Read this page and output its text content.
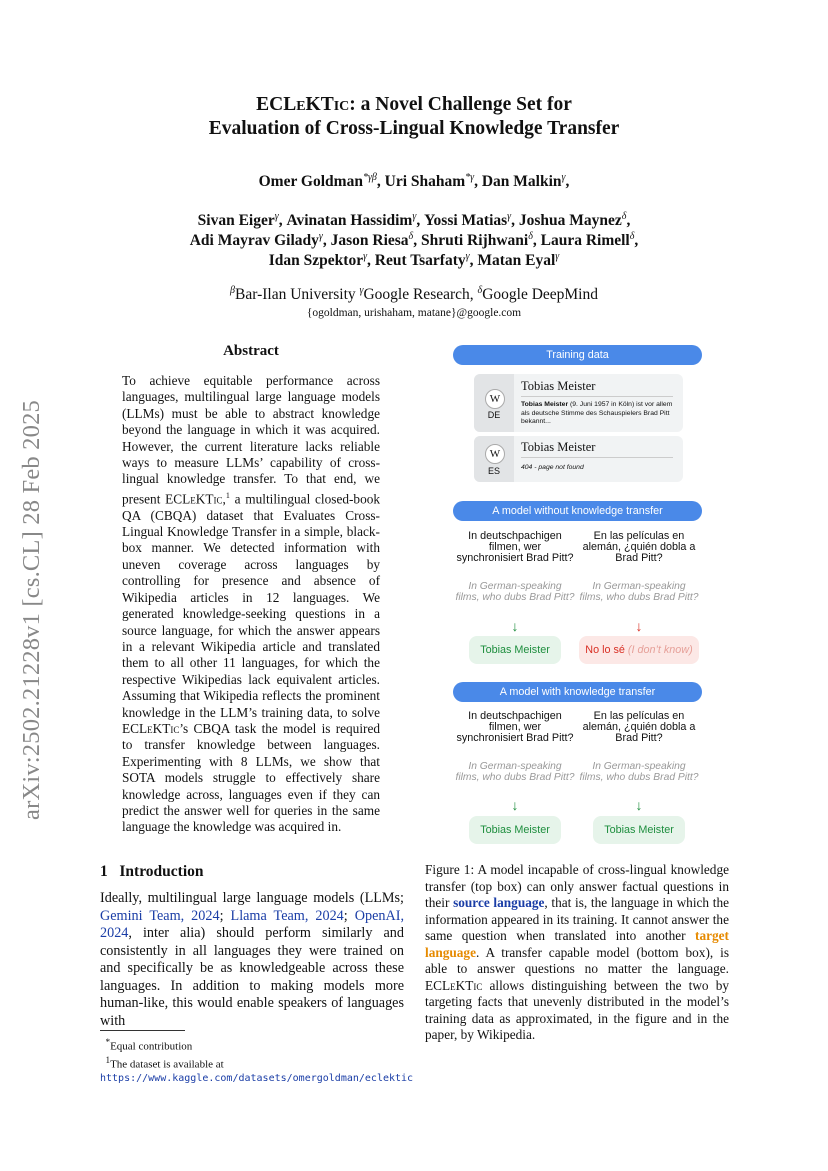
arXiv:2502.21228v1 [cs.CL] 28 Feb 2025
ECLeKTic: a Novel Challenge Set for
Evaluation of Cross-Lingual Knowledge Transfer
Omer Goldman$^{*\gamma\beta}$, Uri Shaham$^{*\gamma}$, Dan Malkin$^\gamma$,
Sivan Eiger$^\gamma$, Avinatan Hassidim$^\gamma$, Yossi Matias$^\gamma$, Joshua Maynez$^\delta$,
Adi Mayrav Gilady$^\gamma$, Jason Riesa$^\delta$, Shruti Rijhwani$^\delta$, Laura Rimell$^\delta$,
Idan Szpektor$^\gamma$, Reut Tsarfaty$^\gamma$, Matan Eyal$^\gamma$
$^\beta$Bar-Ilan University $^\gamma$Google Research, $^\delta$Google DeepMind
{ogoldman, urishaham, matane}@google.com
Abstract
To achieve equitable performance across languages, multilingual large language models (LLMs) must be able to abstract knowledge beyond the language in which it was acquired. However, the current literature lacks reliable ways to measure LLMs’ capability of cross-lingual knowledge transfer. To that end, we present ECLeKTic,$^1$ a multilingual closed-book QA (CBQA) dataset that Evaluates Cross-Lingual Knowledge Transfer in a simple, black-box manner. We detected information with uneven coverage across languages by controlling for presence and absence of Wikipedia articles in 12 languages. We generated knowledge-seeking questions in a source language, for which the answer appears in a relevant Wikipedia article and translated them to all other 11 languages, for which the respective Wikipedias lack equivalent articles. Assuming that Wikipedia reflects the prominent knowledge in the LLM’s training data, to solve ECLeKTic’s CBQA task the model is required to transfer knowledge between languages. Experimenting with 8 LLMs, we show that SOTA models struggle to effectively share knowledge across, languages even if they can predict the answer well for queries in the same language the knowledge was acquired in.
1 Introduction
Ideally, multilingual large language models (LLMs; Gemini Team, 2024; Llama Team, 2024; OpenAI, 2024, inter alia) should perform similarly and consistently in all languages they were trained on and specifically be as knowledgeable across these languages. In addition to making models more human-like, this would enable speakers of languages with
*Equal contribution
$^1$The dataset is available at https://www.kaggle.com/datasets/omergoldman/eclektic
Training data
W
DE
Tobias Meister
Tobias Meister (9. Juni 1957 in Köln) ist vor allem als deutsche Stimme des Schauspielers Brad Pitt bekannt...
W
ES
Tobias Meister
404 - page not found
A model without knowledge transfer
In deutschpachigen filmen, wer synchronisiert Brad Pitt?
En las películas en alemán, ¿quién dobla a Brad Pitt?
In German-speaking films, who dubs Brad Pitt?
In German-speaking films, who dubs Brad Pitt?
↓	↓
Tobias Meister	No lo sé (I don’t know)
A model with knowledge transfer
In deutschpachigen filmen, wer synchronisiert Brad Pitt?
En las películas en alemán, ¿quién dobla a Brad Pitt?
In German-speaking films, who dubs Brad Pitt?
In German-speaking films, who dubs Brad Pitt?
↓	↓
Tobias Meister	Tobias Meister
Figure 1: A model incapable of cross-lingual knowledge transfer (top box) can only answer factual questions in their source language, that is, the language in which the information appeared in its training. It cannot answer the same question when translated into another target language. A transfer capable model (bottom box), is able to answer questions no matter the language. ECLeKTic allows distinguishing between the two by targeting facts that unevenly distributed in the model’s training data as approximated, in the figure and in the paper, by Wikipedia.
